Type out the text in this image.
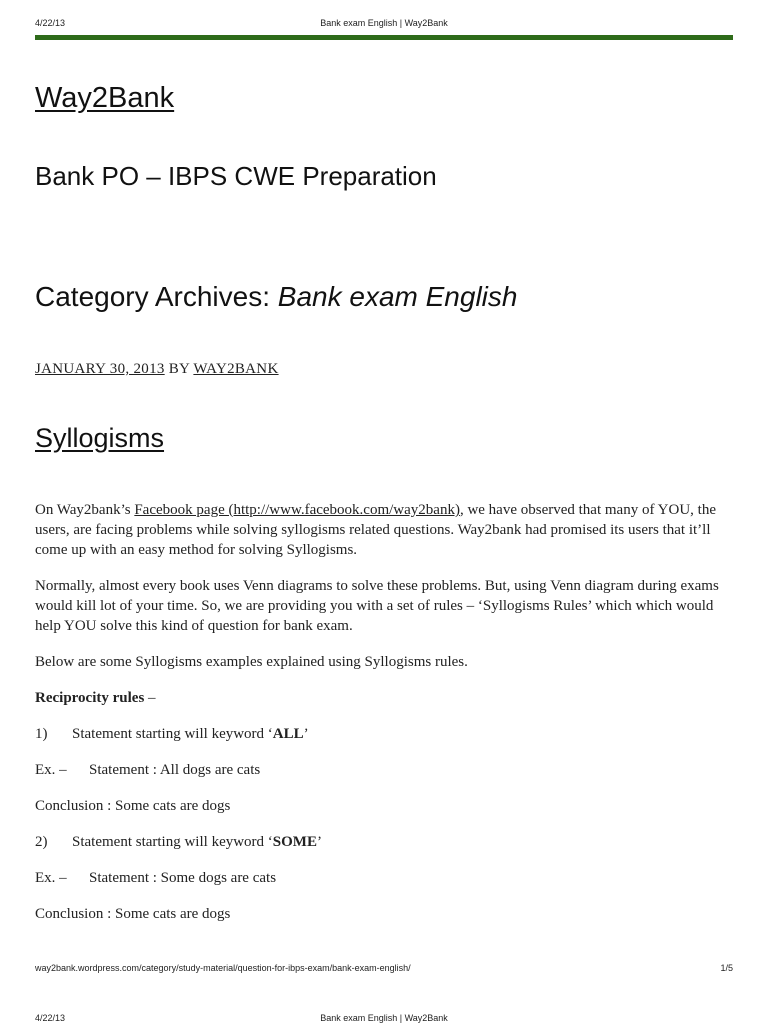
4/22/13	Bank exam English | Way2Bank
Way2Bank
Bank PO – IBPS CWE Preparation
Category Archives: Bank exam English
JANUARY 30, 2013 BY WAY2BANK
Syllogisms

On Way2bank’s Facebook page (http://www.facebook.com/way2bank), we have observed that many of YOU, the users, are facing problems while solving syllogisms related questions. Way2bank had promised its users that it’ll come up with an easy method for solving Syllogisms.

Normally, almost every book uses Venn diagrams to solve these problems. But, using Venn diagram during exams would kill lot of your time. So, we are providing you with a set of rules – ‘Syllogisms Rules’ which which would help YOU solve this kind of question for bank exam.

Below are some Syllogisms examples explained using Syllogisms rules.

Reciprocity rules –

1) Statement starting will keyword ‘ALL’

Ex. – Statement : All dogs are cats

Conclusion : Some cats are dogs

2) Statement starting will keyword ‘SOME’

Ex. – Statement : Some dogs are cats

Conclusion : Some cats are dogs

way2bank.wordpress.com/category/study-material/question-for-ibps-exam/bank-exam-english/	1/5
4/22/13	Bank exam English | Way2Bank
